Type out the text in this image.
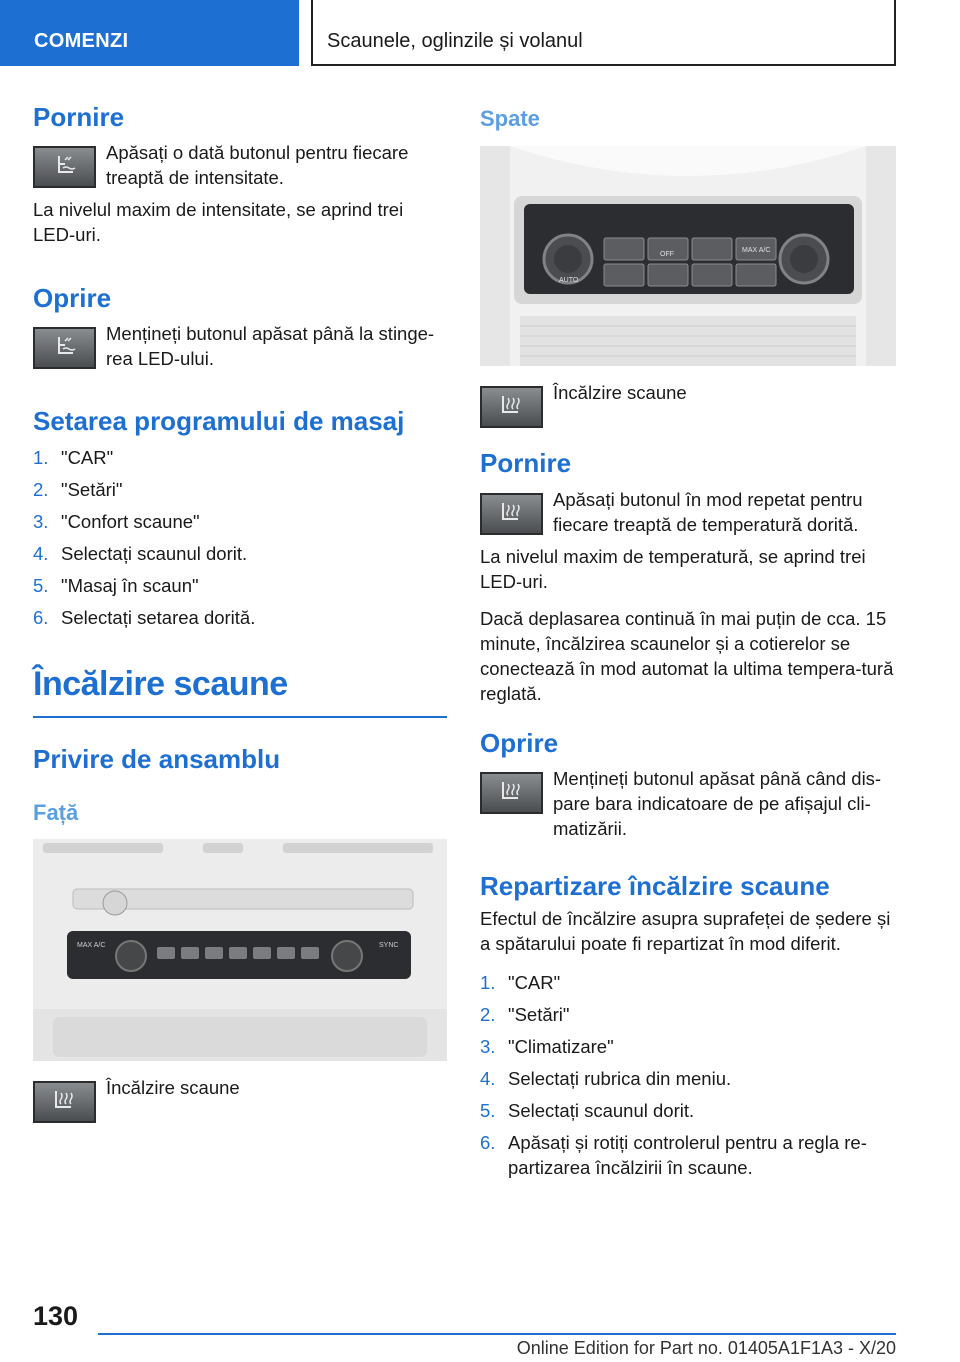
COMENZI	Scaunele, oglinzile și volanul
Pornire

Apăsați o dată butonul pentru fiecare treaptă de intensitate.

La nivelul maxim de intensitate, se aprind trei LED-uri.

Oprire

Mențineți butonul apăsat până la stinge-rea LED-ului.

Setarea programului de masaj
1. "CAR"
2. "Setări"
3. "Confort scaune"
4. Selectați scaunul dorit.
5. "Masaj în scaun"
6. Selectați setarea dorită.
Încălzire scaune
Privire de ansamblu
Față
MAX A/C	SYNC

Încălzire scaune

Spate
AUTO
OFF
MAX A/C

Încălzire scaune

Pornire

Apăsați butonul în mod repetat pentru fiecare treaptă de temperatură dorită.

La nivelul maxim de temperatură, se aprind trei LED-uri.

Dacă deplasarea continuă în mai puțin de cca. 15 minute, încălzirea scaunelor și a cotierelor se conectează în mod automat la ultima tempera-tură reglată.

Oprire

Mențineți butonul apăsat până când dis-pare bara indicatoare de pe afișajul cli-matizării.

Repartizare încălzire scaune

Efectul de încălzire asupra suprafeței de ședere și a spătarului poate fi repartizat în mod diferit.

1. "CAR"
2. "Setări"
3. "Climatizare"
4. Selectați rubrica din meniu.
5. Selectați scaunul dorit.
6. Apăsați și rotiți controlerul pentru a regla re-partizarea încălzirii în scaune.
130
Online Edition for Part no. 01405A1F1A3 - X/20
